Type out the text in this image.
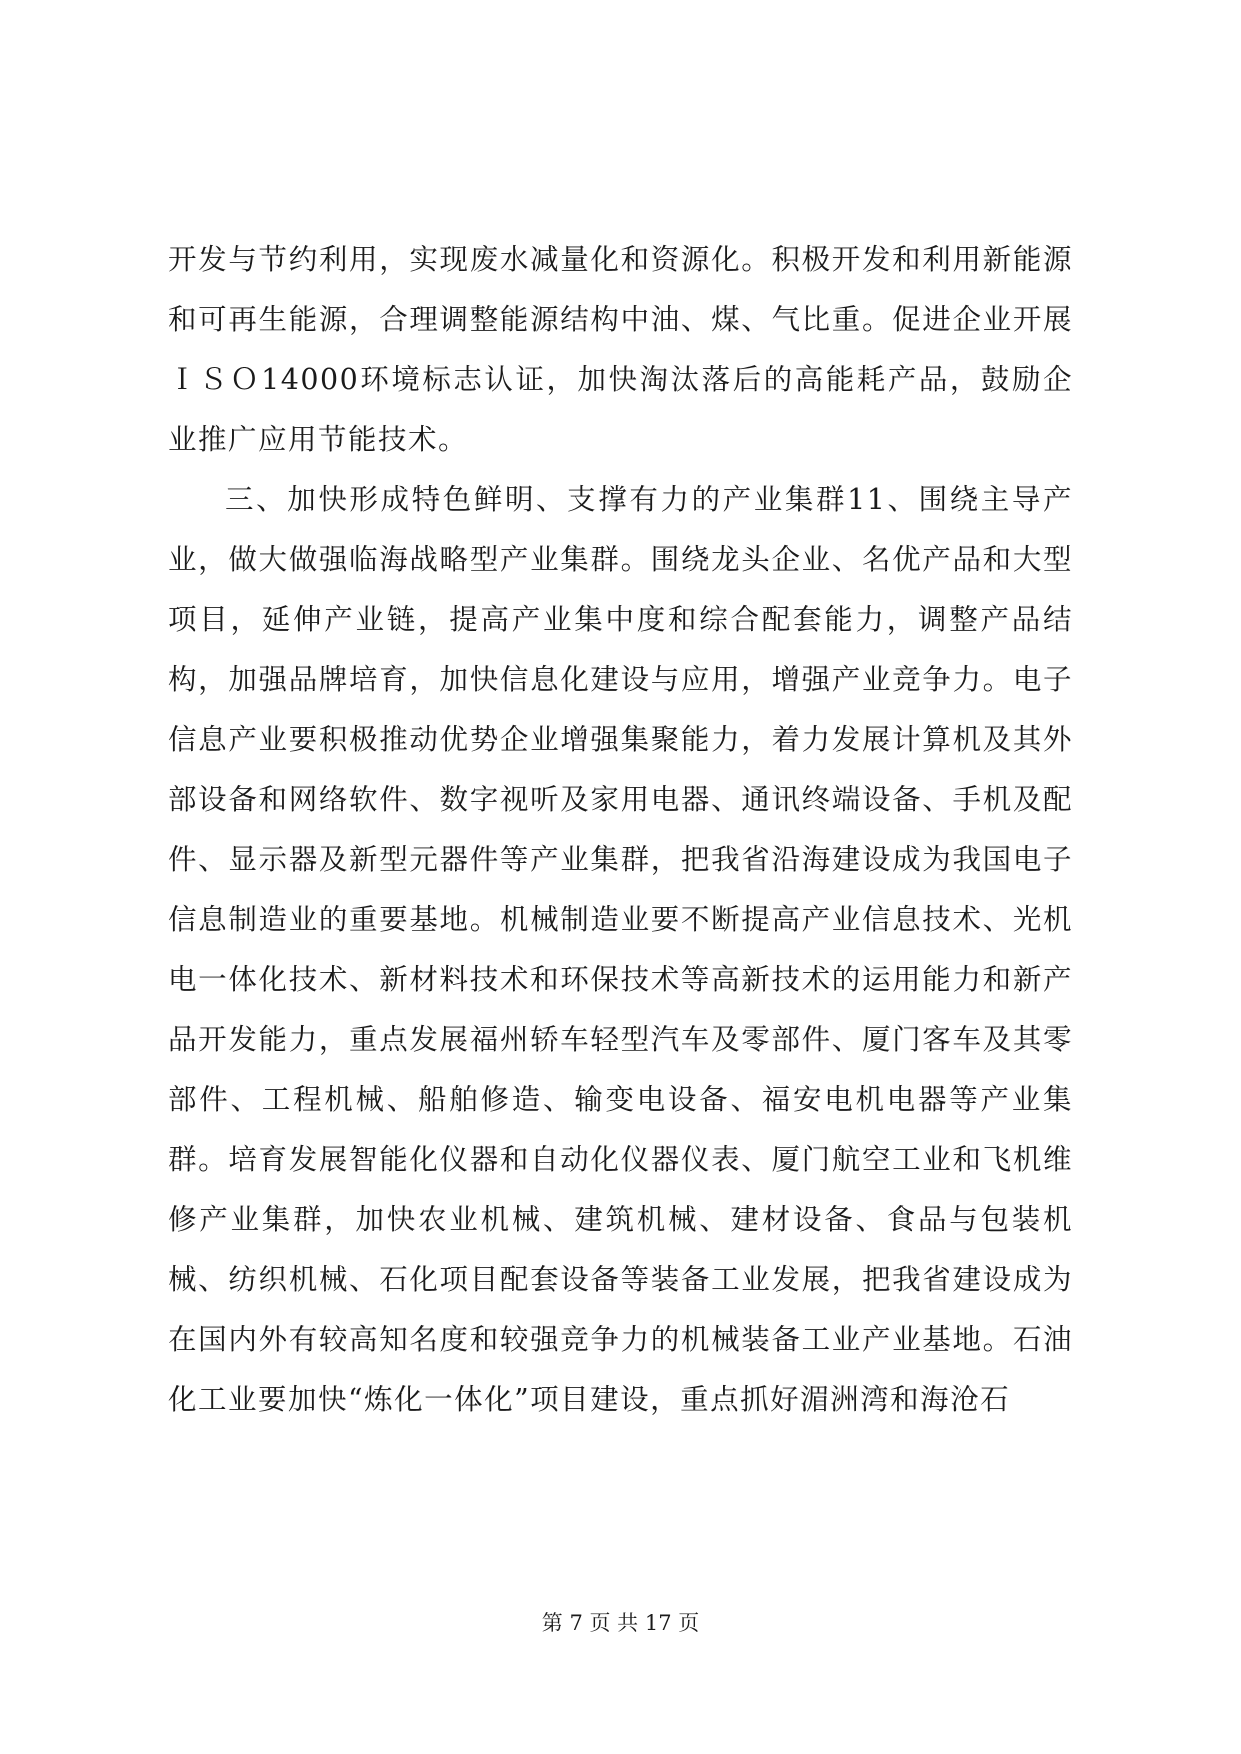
开发与节约利用，实现废水减量化和资源化。积极开发和利用新能源和可再生能源，合理调整能源结构中油、煤、气比重。促进企业开展ＩＳＯ14000环境标志认证，加快淘汰落后的高能耗产品，鼓励企业推广应用节能技术。

三、加快形成特色鲜明、支撑有力的产业集群11、围绕主导产业，做大做强临海战略型产业集群。围绕龙头企业、名优产品和大型项目，延伸产业链，提高产业集中度和综合配套能力，调整产品结构，加强品牌培育，加快信息化建设与应用，增强产业竞争力。电子信息产业要积极推动优势企业增强集聚能力，着力发展计算机及其外部设备和网络软件、数字视听及家用电器、通讯终端设备、手机及配件、显示器及新型元器件等产业集群，把我省沿海建设成为我国电子信息制造业的重要基地。机械制造业要不断提高产业信息技术、光机电一体化技术、新材料技术和环保技术等高新技术的运用能力和新产品开发能力，重点发展福州轿车轻型汽车及零部件、厦门客车及其零部件、工程机械、船舶修造、输变电设备、福安电机电器等产业集群。培育发展智能化仪器和自动化仪器仪表、厦门航空工业和飞机维修产业集群，加快农业机械、建筑机械、建材设备、食品与包装机械、纺织机械、石化项目配套设备等装备工业发展，把我省建设成为在国内外有较高知名度和较强竞争力的机械装备工业产业基地。石油化工业要加快“炼化一体化”项目建设，重点抓好湄洲湾和海沧石

第 7 页 共 17 页
